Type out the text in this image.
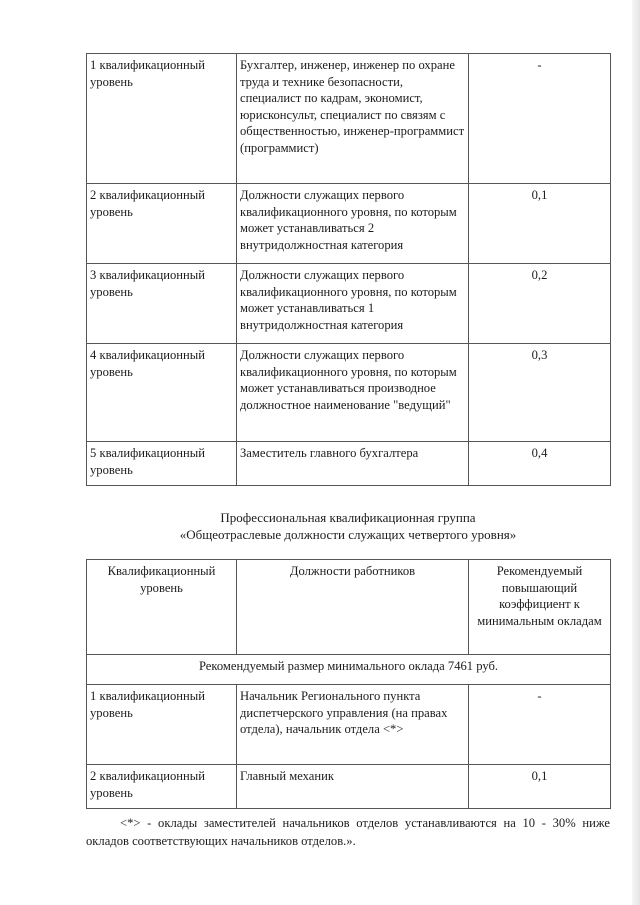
1 квалификационный уровень	Бухгалтер, инженер, инженер по охране труда и технике безопасности, специалист по кадрам, экономист, юрисконсульт, специалист по связям с общественностью, инженер-программист (программист)	-
2 квалификационный уровень	Должности служащих первого квалификационного уровня, по которым может устанавливаться 2 внутридолжностная категория	0,1
3 квалификационный уровень	Должности служащих первого квалификационного уровня, по которым может устанавливаться 1 внутридолжностная категория	0,2
4 квалификационный уровень	Должности служащих первого квалификационного уровня, по которым может устанавливаться производное должностное наименование "ведущий"	0,3
5 квалификационный уровень	Заместитель главного бухгалтера	0,4
Профессиональная квалификационная группа
«Общеотраслевые должности служащих четвертого уровня»
Квалификационный уровень	Должности работников	Рекомендуемый повышающий коэффициент к минимальным окладам
Рекомендуемый размер минимального оклада 7461 руб.		
1 квалификационный уровень	Начальник Регионального пункта диспетчерского управления (на правах отдела), начальник отдела <*>	-
2 квалификационный уровень	Главный механик	0,1
<*> - оклады заместителей начальников отделов устанавливаются на 10 - 30% ниже окладов соответствующих начальников отделов.».
